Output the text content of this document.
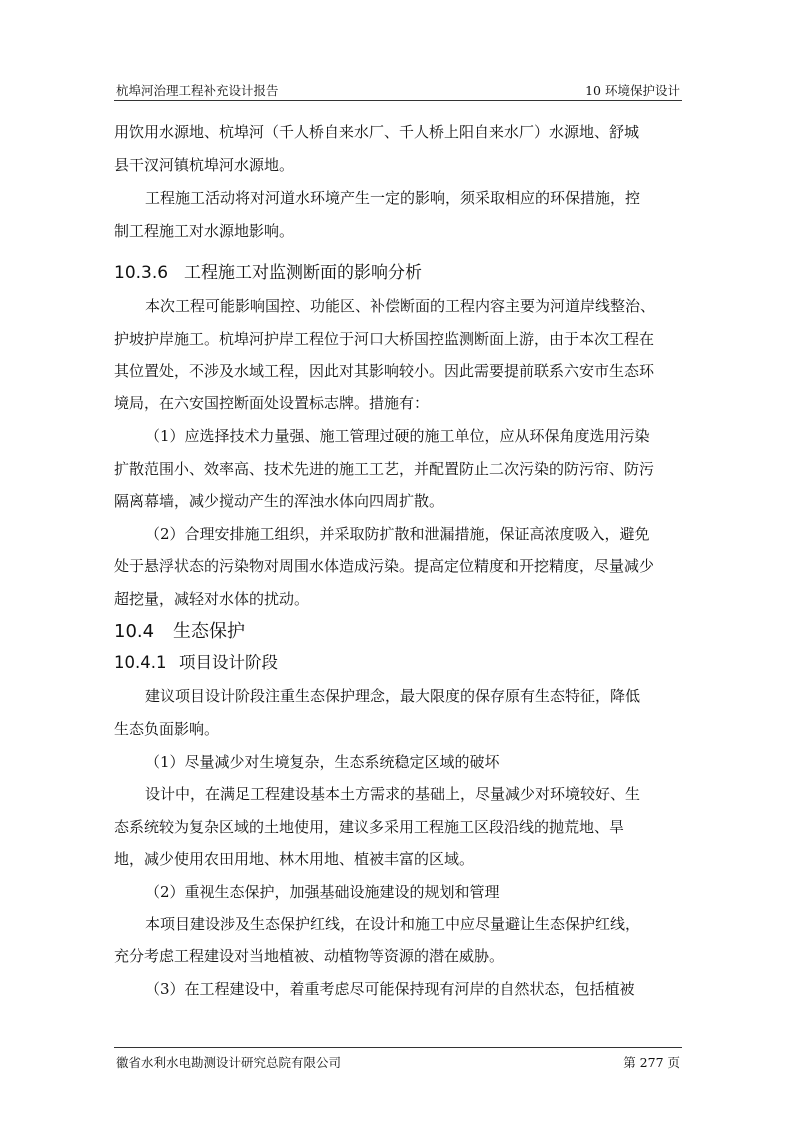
杭埠河治理工程补充设计报告	10 环境保护设计
用饮用水源地、杭埠河（千人桥自来水厂、千人桥上阳自来水厂）水源地、舒城
县干汊河镇杭埠河水源地。
工程施工活动将对河道水环境产生一定的影响，须采取相应的环保措施，控
制工程施工对水源地影响。
10.3.6 工程施工对监测断面的影响分析
本次工程可能影响国控、功能区、补偿断面的工程内容主要为河道岸线整治、
护坡护岸施工。杭埠河护岸工程位于河口大桥国控监测断面上游，由于本次工程在
其位置处，不涉及水域工程，因此对其影响较小。因此需要提前联系六安市生态环
境局，在六安国控断面处设置标志牌。措施有：
（1）应选择技术力量强、施工管理过硬的施工单位，应从环保角度选用污染
扩散范围小、效率高、技术先进的施工工艺，并配置防止二次污染的防污帘、防污
隔离幕墙，减少搅动产生的浑浊水体向四周扩散。
（2）合理安排施工组织，并采取防扩散和泄漏措施，保证高浓度吸入，避免
处于悬浮状态的污染物对周围水体造成污染。提高定位精度和开挖精度，尽量减少
超挖量，减轻对水体的扰动。
10.4 生态保护
10.4.1 项目设计阶段
建议项目设计阶段注重生态保护理念，最大限度的保存原有生态特征，降低
生态负面影响。
（1）尽量减少对生境复杂，生态系统稳定区域的破坏
设计中，在满足工程建设基本土方需求的基础上，尽量减少对环境较好、生
态系统较为复杂区域的土地使用，建议多采用工程施工区段沿线的抛荒地、旱
地，减少使用农田用地、林木用地、植被丰富的区域。
（2）重视生态保护，加强基础设施建设的规划和管理
本项目建设涉及生态保护红线，在设计和施工中应尽量避让生态保护红线，
充分考虑工程建设对当地植被、动植物等资源的潜在威胁。
（3）在工程建设中，着重考虑尽可能保持现有河岸的自然状态，包括植被
徽省水利水电勘测设计研究总院有限公司	第 277 页
